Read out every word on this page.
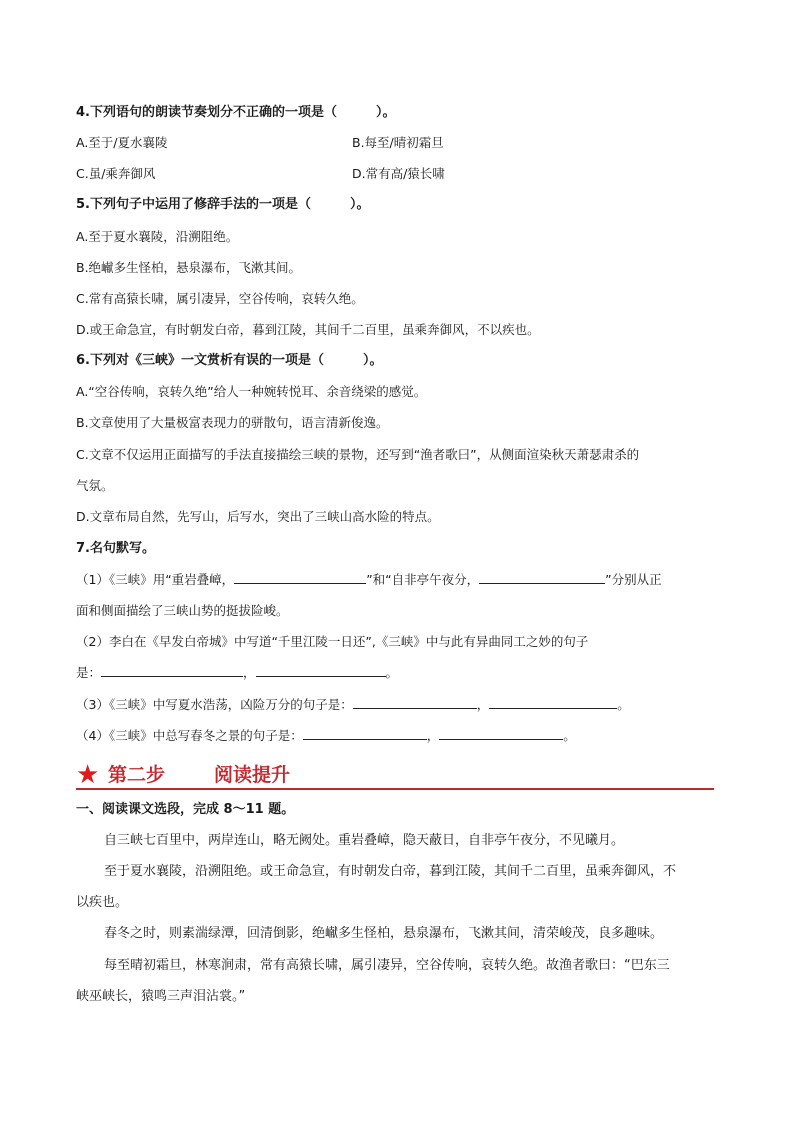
4.下列语句的朗读节奏划分不正确的一项是（　　　）。
A.至于/夏水襄陵	B.每至/晴初霜旦
C.虽/乘奔御风	D.常有高/猿长啸
5.下列句子中运用了修辞手法的一项是（　　　）。
A.至于夏水襄陵，沿溯阻绝。
B.绝𪩘多生怪柏，悬泉瀑布，飞漱其间。
C.常有高猿长啸，属引凄异，空谷传响，哀转久绝。
D.或王命急宣，有时朝发白帝，暮到江陵，其间千二百里，虽乘奔御风，不以疾也。
6.下列对《三峡》一文赏析有误的一项是（　　　）。
A.“空谷传响，哀转久绝”给人一种婉转悦耳、余音绕梁的感觉。
B.文章使用了大量极富表现力的骈散句，语言清新俊逸。
C.文章不仅运用正面描写的手法直接描绘三峡的景物，还写到“渔者歌曰”，从侧面渲染秋天萧瑟肃杀的
气氛。
D.文章布局自然，先写山，后写水，突出了三峡山高水险的特点。
7.名句默写。
（1）《三峡》用“重岩叠嶂，	”和“自非亭午夜分，	”分别从正
面和侧面描绘了三峡山势的挺拔险峻。
（2）李白在《早发白帝城》中写道“千里江陵一日还”,《三峡》中与此有异曲同工之妙的句子
是：	，	。
（3）《三峡》中写夏水浩荡，凶险万分的句子是：	，	。
（4）《三峡》中总写春冬之景的句子是：	，	。
★ 第二步	阅读提升
一、阅读课文选段，完成 8～11 题。
自三峡七百里中，两岸连山，略无阙处。重岩叠嶂，隐天蔽日，自非亭午夜分，不见曦月。
至于夏水襄陵，沿溯阻绝。或王命急宣，有时朝发白帝，暮到江陵，其间千二百里，虽乘奔御风，不
以疾也。
春冬之时，则素湍绿潭，回清倒影，绝𪩘多生怪柏，悬泉瀑布，飞漱其间，清荣峻茂，良多趣味。
每至晴初霜旦，林寒涧肃，常有高猿长啸，属引凄异，空谷传响，哀转久绝。故渔者歌曰：“巴东三
峡巫峡长，猿鸣三声泪沾裳。”
